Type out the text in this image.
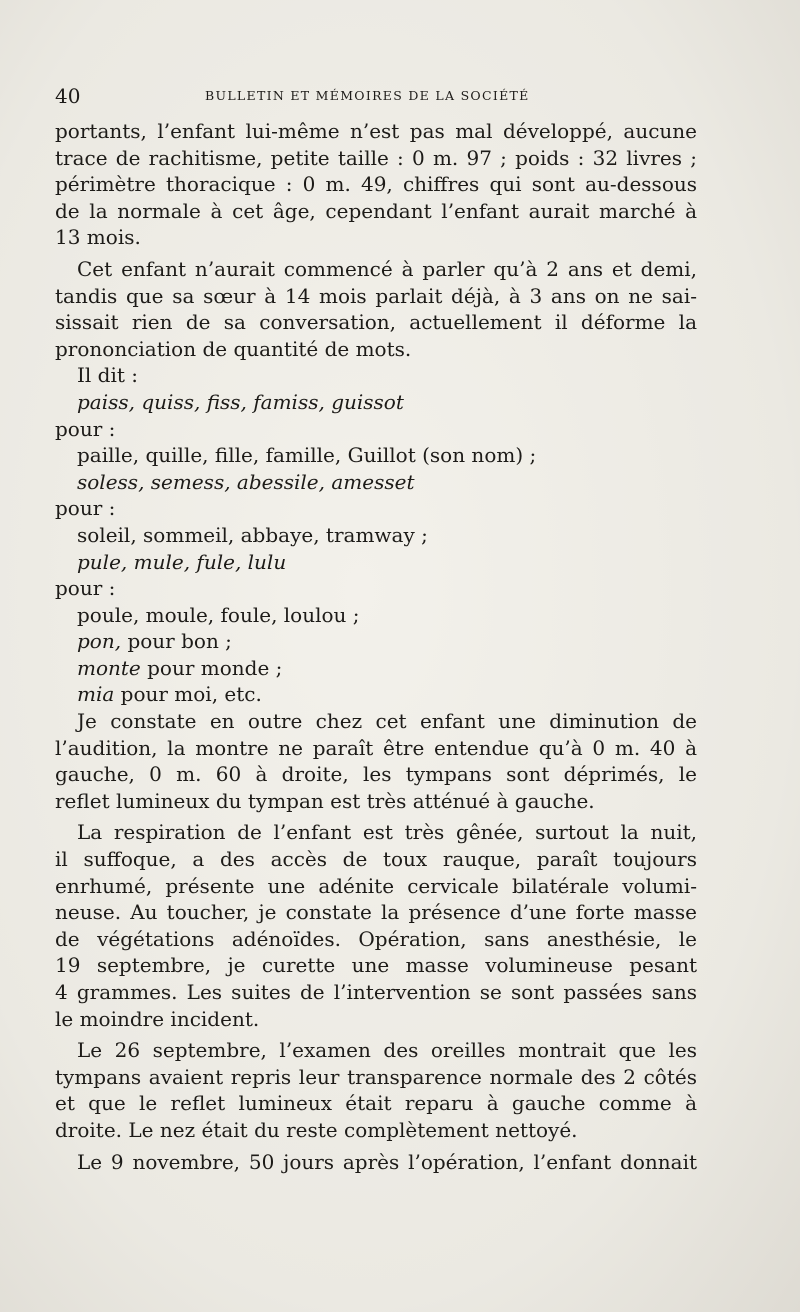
40	BULLETIN ET MÉMOIRES DE LA SOCIÉTÉ
portants, l’enfant lui-même n’est pas mal développé, aucune
trace de rachitisme, petite taille : 0 m. 97 ; poids : 32 livres ;
périmètre thoracique : 0 m. 49, chiffres qui sont au-dessous
de la normale à cet âge, cependant l’enfant aurait marché à
13 mois.
Cet enfant n’aurait commencé à parler qu’à 2 ans et demi,
tandis que sa sœur à 14 mois parlait déjà, à 3 ans on ne sai-
sissait rien de sa conversation, actuellement il déforme la
prononciation de quantité de mots.
Il dit :
paiss, quiss, fiss, famiss, guissot
pour :
paille, quille, fille, famille, Guillot (son nom) ;
soless, semess, abessile, amesset
pour :
soleil, sommeil, abbaye, tramway ;
pule, mule, fule, lulu
pour :
poule, moule, foule, loulou ;
pon, pour bon ;
monte pour monde ;
mia pour moi, etc.
Je constate en outre chez cet enfant une diminution de
l’audition, la montre ne paraît être entendue qu’à 0 m. 40 à
gauche, 0 m. 60 à droite, les tympans sont déprimés, le
reflet lumineux du tympan est très atténué à gauche.
La respiration de l’enfant est très gênée, surtout la nuit,
il suffoque, a des accès de toux rauque, paraît toujours
enrhumé, présente une adénite cervicale bilatérale volumi-
neuse. Au toucher, je constate la présence d’une forte masse
de végétations adénoïdes. Opération, sans anesthésie, le
19 septembre, je curette une masse volumineuse pesant
4 grammes. Les suites de l’intervention se sont passées sans
le moindre incident.
Le 26 septembre, l’examen des oreilles montrait que les
tympans avaient repris leur transparence normale des 2 côtés
et que le reflet lumineux était reparu à gauche comme à
droite. Le nez était du reste complètement nettoyé.
Le 9 novembre, 50 jours après l’opération, l’enfant donnait
